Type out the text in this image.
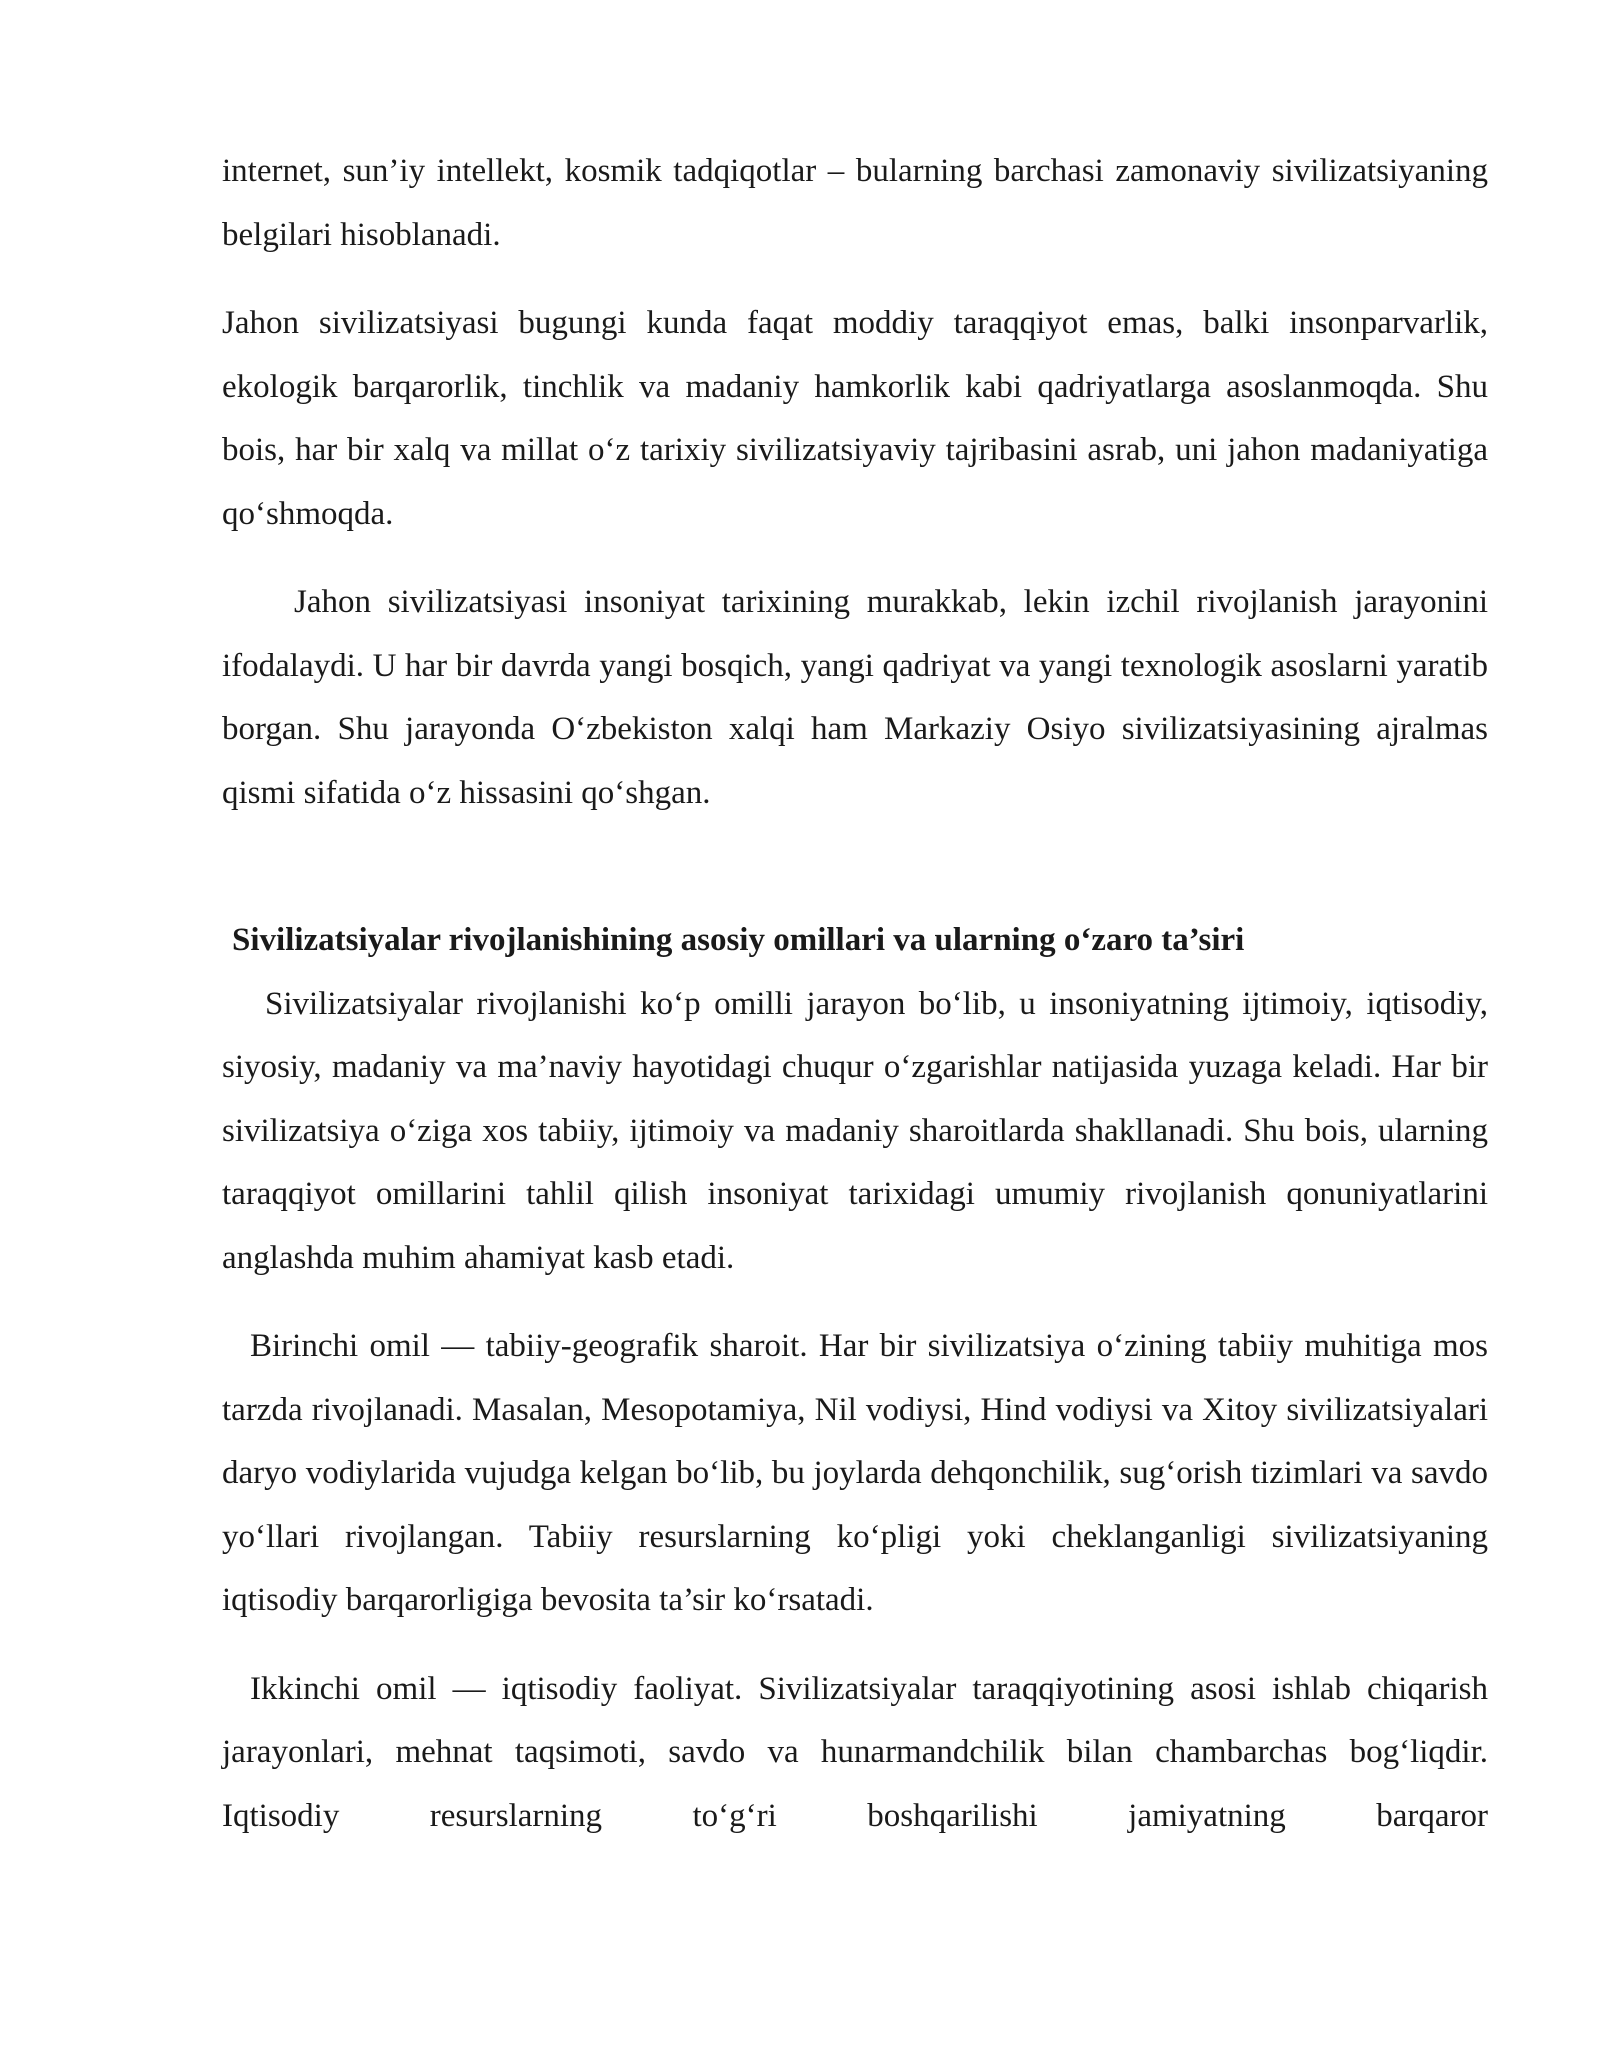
internet, sun’iy intellekt, kosmik tadqiqotlar – bularning barchasi zamonaviy sivilizatsiyaning belgilari hisoblanadi.

Jahon sivilizatsiyasi bugungi kunda faqat moddiy taraqqiyot emas, balki insonparvarlik, ekologik barqarorlik, tinchlik va madaniy hamkorlik kabi qadriyatlarga asoslanmoqda. Shu bois, har bir xalq va millat o‘z tarixiy sivilizatsiyaviy tajribasini asrab, uni jahon madaniyatiga qo‘shmoqda.

Jahon sivilizatsiyasi insoniyat tarixining murakkab, lekin izchil rivojlanish jarayonini ifodalaydi. U har bir davrda yangi bosqich, yangi qadriyat va yangi texnologik asoslarni yaratib borgan. Shu jarayonda O‘zbekiston xalqi ham Markaziy Osiyo sivilizatsiyasining ajralmas qismi sifatida o‘z hissasini qo‘shgan.

Sivilizatsiyalar rivojlanishining asosiy omillari va ularning o‘zaro ta’siri

Sivilizatsiyalar rivojlanishi ko‘p omilli jarayon bo‘lib, u insoniyatning ijtimoiy, iqtisodiy, siyosiy, madaniy va ma’naviy hayotidagi chuqur o‘zgarishlar natijasida yuzaga keladi. Har bir sivilizatsiya o‘ziga xos tabiiy, ijtimoiy va madaniy sharoitlarda shakllanadi. Shu bois, ularning taraqqiyot omillarini tahlil qilish insoniyat tarixidagi umumiy rivojlanish qonuniyatlarini anglashda muhim ahamiyat kasb etadi.

Birinchi omil — tabiiy-geografik sharoit. Har bir sivilizatsiya o‘zining tabiiy muhitiga mos tarzda rivojlanadi. Masalan, Mesopotamiya, Nil vodiysi, Hind vodiysi va Xitoy sivilizatsiyalari daryo vodiylarida vujudga kelgan bo‘lib, bu joylarda dehqonchilik, sug‘orish tizimlari va savdo yo‘llari rivojlangan. Tabiiy resurslarning ko‘pligi yoki cheklanganligi sivilizatsiyaning iqtisodiy barqarorligiga bevosita ta’sir ko‘rsatadi.

Ikkinchi omil — iqtisodiy faoliyat. Sivilizatsiyalar taraqqiyotining asosi ishlab chiqarish jarayonlari, mehnat taqsimoti, savdo va hunarmandchilik bilan chambarchas bog‘liqdir. Iqtisodiy resurslarning to‘g‘ri boshqarilishi jamiyatning barqaror
